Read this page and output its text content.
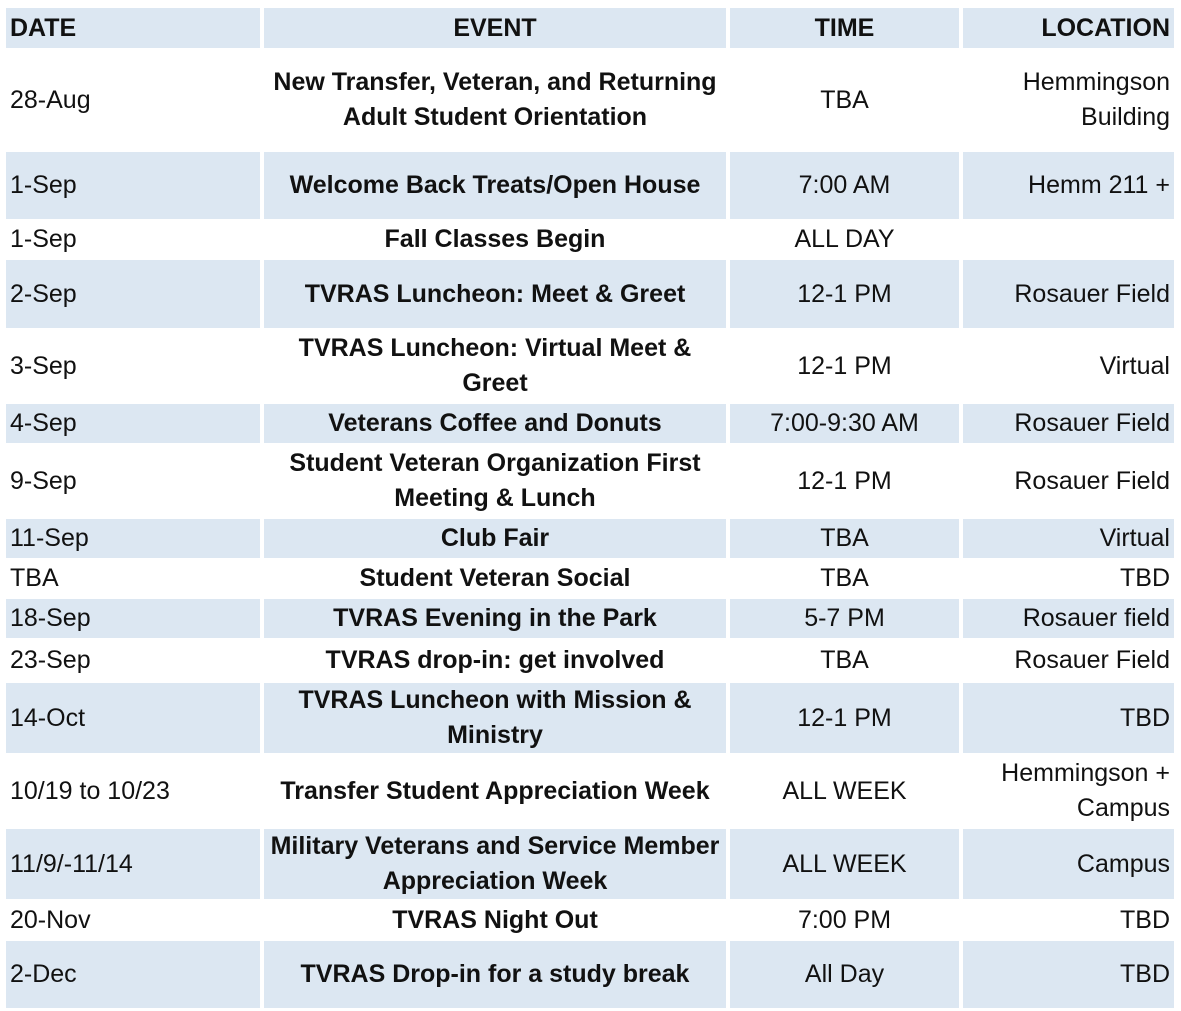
DATE	EVENT	TIME	LOCATION
28-Aug	New Transfer, Veteran, and Returning Adult Student Orientation	TBA	Hemmingson Building
1-Sep	Welcome Back Treats/Open House	7:00 AM	Hemm 211 +
1-Sep	Fall Classes Begin	ALL DAY	
2-Sep	TVRAS Luncheon: Meet & Greet	12-1 PM	Rosauer Field
3-Sep	TVRAS Luncheon: Virtual Meet & Greet	12-1 PM	Virtual
4-Sep	Veterans Coffee and Donuts	7:00-9:30 AM	Rosauer Field
9-Sep	Student Veteran Organization First Meeting & Lunch	12-1 PM	Rosauer Field
11-Sep	Club Fair	TBA	Virtual
TBA	Student Veteran Social	TBA	TBD
18-Sep	TVRAS Evening in the Park	5-7 PM	Rosauer field
23-Sep	TVRAS drop-in: get involved	TBA	Rosauer Field
14-Oct	TVRAS Luncheon with Mission & Ministry	12-1 PM	TBD
10/19 to 10/23	Transfer Student Appreciation Week	ALL WEEK	Hemmingson + Campus
11/9/-11/14	Military Veterans and Service Member Appreciation Week	ALL WEEK	Campus
20-Nov	TVRAS Night Out	7:00 PM	TBD
2-Dec	TVRAS Drop-in for a study break	All Day	TBD
